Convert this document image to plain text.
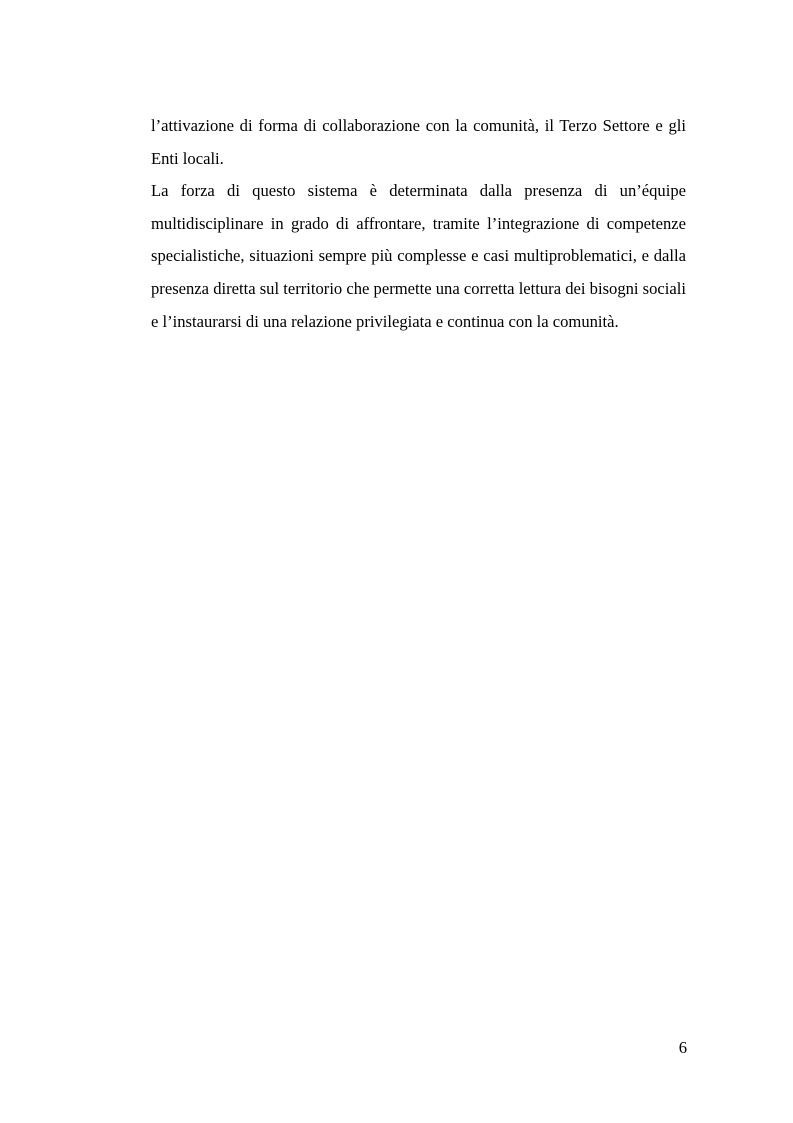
l’attivazione di forma di collaborazione con la comunità, il Terzo Settore e gli Enti locali.

La forza di questo sistema è determinata dalla presenza di un’équipe multidisciplinare in grado di affrontare, tramite l’integrazione di competenze specialistiche, situazioni sempre più complesse e casi multiproblematici, e dalla presenza diretta sul territorio che permette una corretta lettura dei bisogni sociali e l’instaurarsi di una relazione privilegiata e continua con la comunità.

6
